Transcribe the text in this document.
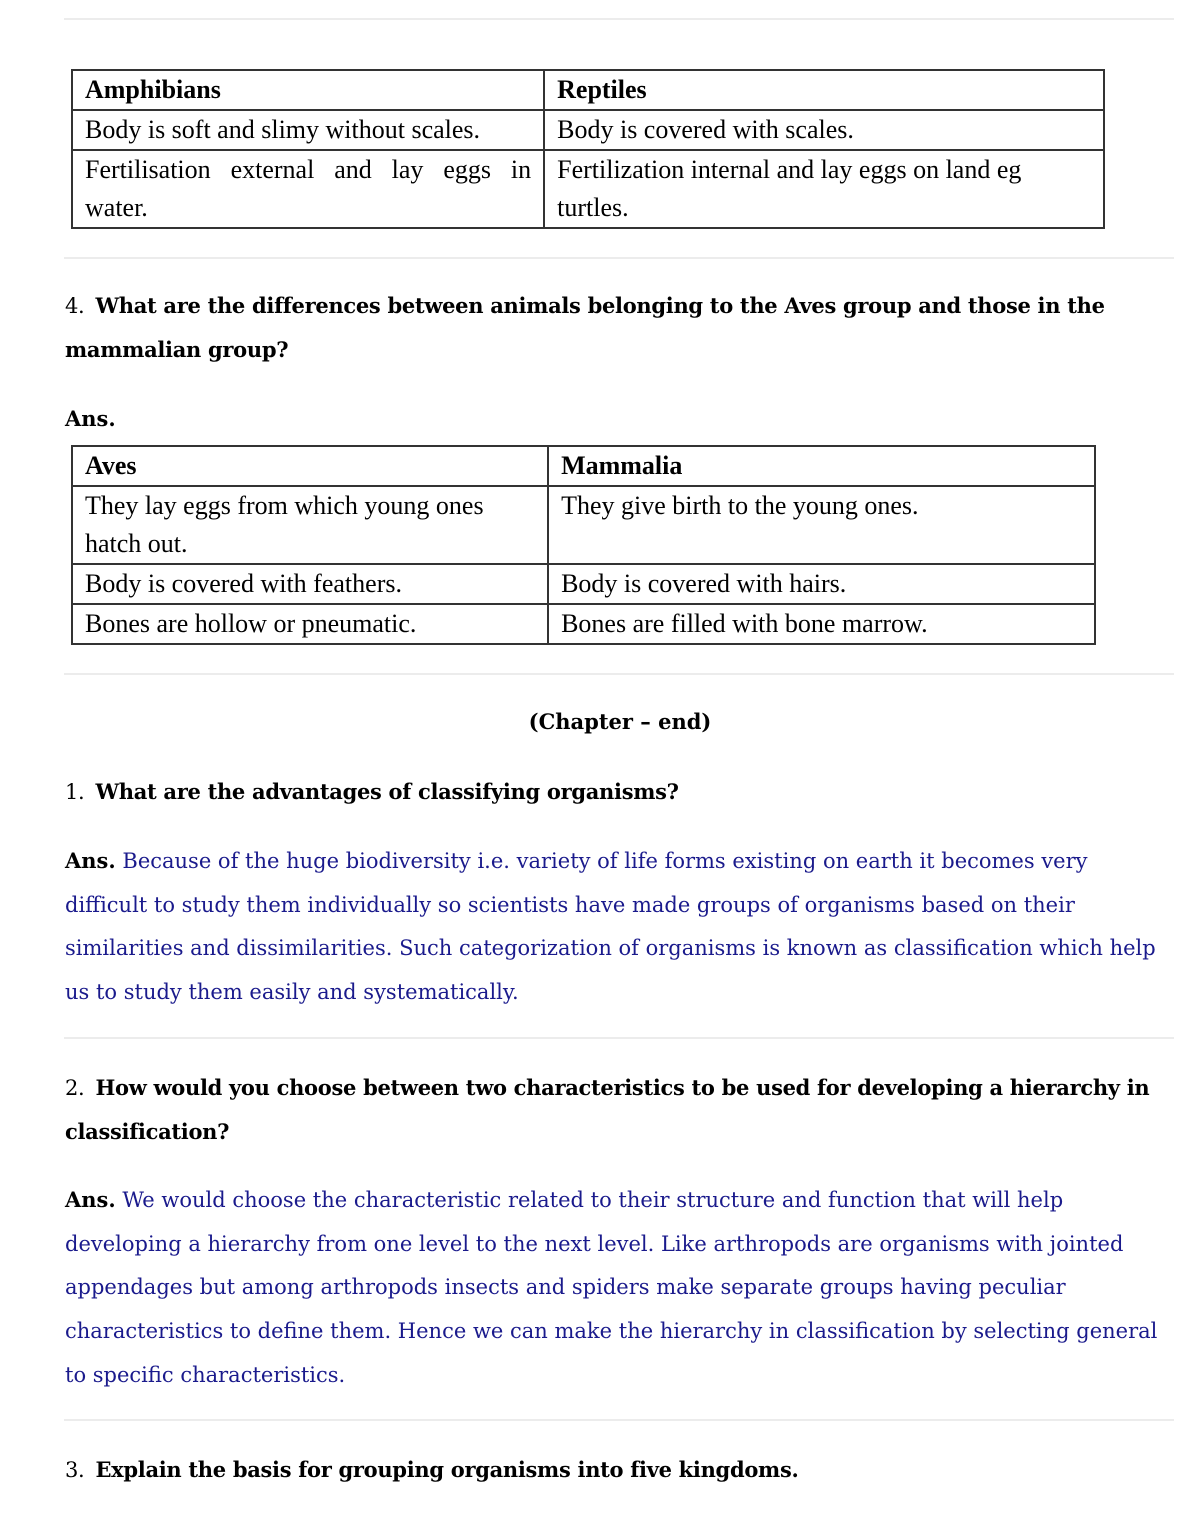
Amphibians	Reptiles
Body is soft and slimy without scales.	Body is covered with scales.
Fertilisation external and lay eggs in water.	Fertilization internal and lay eggs on land eg turtles.

4. What are the differences between animals belonging to the Aves group and those in the mammalian group?

Ans.

Aves	Mammalia
They lay eggs from which young ones hatch out.	They give birth to the young ones.
Body is covered with feathers.	Body is covered with hairs.
Bones are hollow or pneumatic.	Bones are filled with bone marrow.

(Chapter – end)

1. What are the advantages of classifying organisms?

Ans. Because of the huge biodiversity i.e. variety of life forms existing on earth it becomes very difficult to study them individually so scientists have made groups of organisms based on their similarities and dissimilarities. Such categorization of organisms is known as classification which help us to study them easily and systematically.

2. How would you choose between two characteristics to be used for developing a hierarchy in classification?

Ans. We would choose the characteristic related to their structure and function that will help developing a hierarchy from one level to the next level. Like arthropods are organisms with jointed appendages but among arthropods insects and spiders make separate groups having peculiar characteristics to define them. Hence we can make the hierarchy in classification by selecting general to specific characteristics.

3. Explain the basis for grouping organisms into five kingdoms.
